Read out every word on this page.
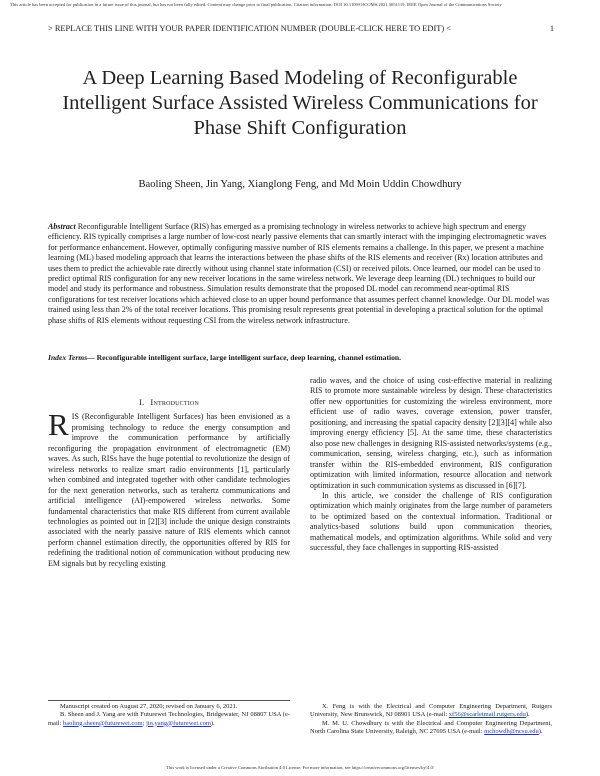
This article has been accepted for publication in a future issue of this journal, but has not been fully edited. Content may change prior to final publication. Citation information: DOI 10.1109/OJCOMS.2021.3051119, IEEE Open Journal of the Communications Society
> REPLACE THIS LINE WITH YOUR PAPER IDENTIFICATION NUMBER (DOUBLE-CLICK HERE TO EDIT) <	1
A Deep Learning Based Modeling of Reconfigurable Intelligent Surface Assisted Wireless Communications for Phase Shift Configuration
Baoling Sheen, Jin Yang, Xianglong Feng, and Md Moin Uddin Chowdhury
Abstract Reconfigurable Intelligent Surface (RIS) has emerged as a promising technology in wireless networks to achieve high spectrum and energy efficiency. RIS typically comprises a large number of low-cost nearly passive elements that can smartly interact with the impinging electromagnetic waves for performance enhancement. However, optimally configuring massive number of RIS elements remains a challenge. In this paper, we present a machine learning (ML) based modeling approach that learns the interactions between the phase shifts of the RIS elements and receiver (Rx) location attributes and uses them to predict the achievable rate directly without using channel state information (CSI) or received pilots. Once learned, our model can be used to predict optimal RIS configuration for any new receiver locations in the same wireless network. We leverage deep learning (DL) techniques to build our model and study its performance and robustness. Simulation results demonstrate that the proposed DL model can recommend near-optimal RIS configurations for test receiver locations which achieved close to an upper bound performance that assumes perfect channel knowledge. Our DL model was trained using less than 2% of the total receiver locations. This promising result represents great potential in developing a practical solution for the optimal phase shifts of RIS elements without requesting CSI from the wireless network infrastructure.
Index Terms— Reconfigurable intelligent surface, large intelligent surface, deep learning, channel estimation.
I. Introduction

RIS (Reconfigurable Intelligent Surfaces) has been envisioned as a promising technology to reduce the energy consumption and improve the communication performance by artificially reconfiguring the propagation environment of electromagnetic (EM) waves. As such, RISs have the huge potential to revolutionize the design of wireless networks to realize smart radio environments [1], particularly when combined and integrated together with other candidate technologies for the next generation networks, such as terahertz communications and artificial intelligence (AI)-empowered wireless networks. Some fundamental characteristics that make RIS different from current available technologies as pointed out in [2][3] include the unique design constraints associated with the nearly passive nature of RIS elements which cannot perform channel estimation directly, the opportunities offered by RIS for redefining the traditional notion of communication without producing new EM signals but by recycling existing

radio waves, and the choice of using cost-effective material in realizing RIS to promote more sustainable wireless by design. These characteristics offer new opportunities for customizing the wireless environment, more efficient use of radio waves, coverage extension, power transfer, positioning, and increasing the spatial capacity density [2][3][4] while also improving energy efficiency [5]. At the same time, these characteristics also pose new challenges in designing RIS-assisted networks/systems (e.g., communication, sensing, wireless charging, etc.), such as information transfer within the RIS-embedded environment, RIS configuration optimization with limited information, resource allocation and network optimization in such communication systems as discussed in [6][7].

In this article, we consider the challenge of RIS configuration optimization which mainly originates from the large number of parameters to be optimized based on the contextual information. Traditional or analytics-based solutions build upon communication theories, mathematical models, and optimization algorithms. While solid and very successful, they face challenges in supporting RIS-assisted

Manuscript created on August 27, 2020; revised on January 6, 2021.

B. Sheen and J. Yang are with Futurewei Technologies, Bridgewater, NJ 08807 USA (e-mail: baoling.sheen@futurewei.com; jin.yang@futurewei.com).

X. Feng is with the Electrical and Computer Engineering Department, Rutgers University, New Brunswick, NJ 08901 USA (e-mail: xf56@scarletmail.rutgers.edu).

M. M. U. Chowdhury is with the Electrical and Computer Engineering Department, North Carolina State University, Raleigh, NC 27695 USA (e-mail: mchowdh@ncsu.edu).

This work is licensed under a Creative Commons Attribution 4.0 License. For more information, see https://creativecommons.org/licenses/by/4.0/
